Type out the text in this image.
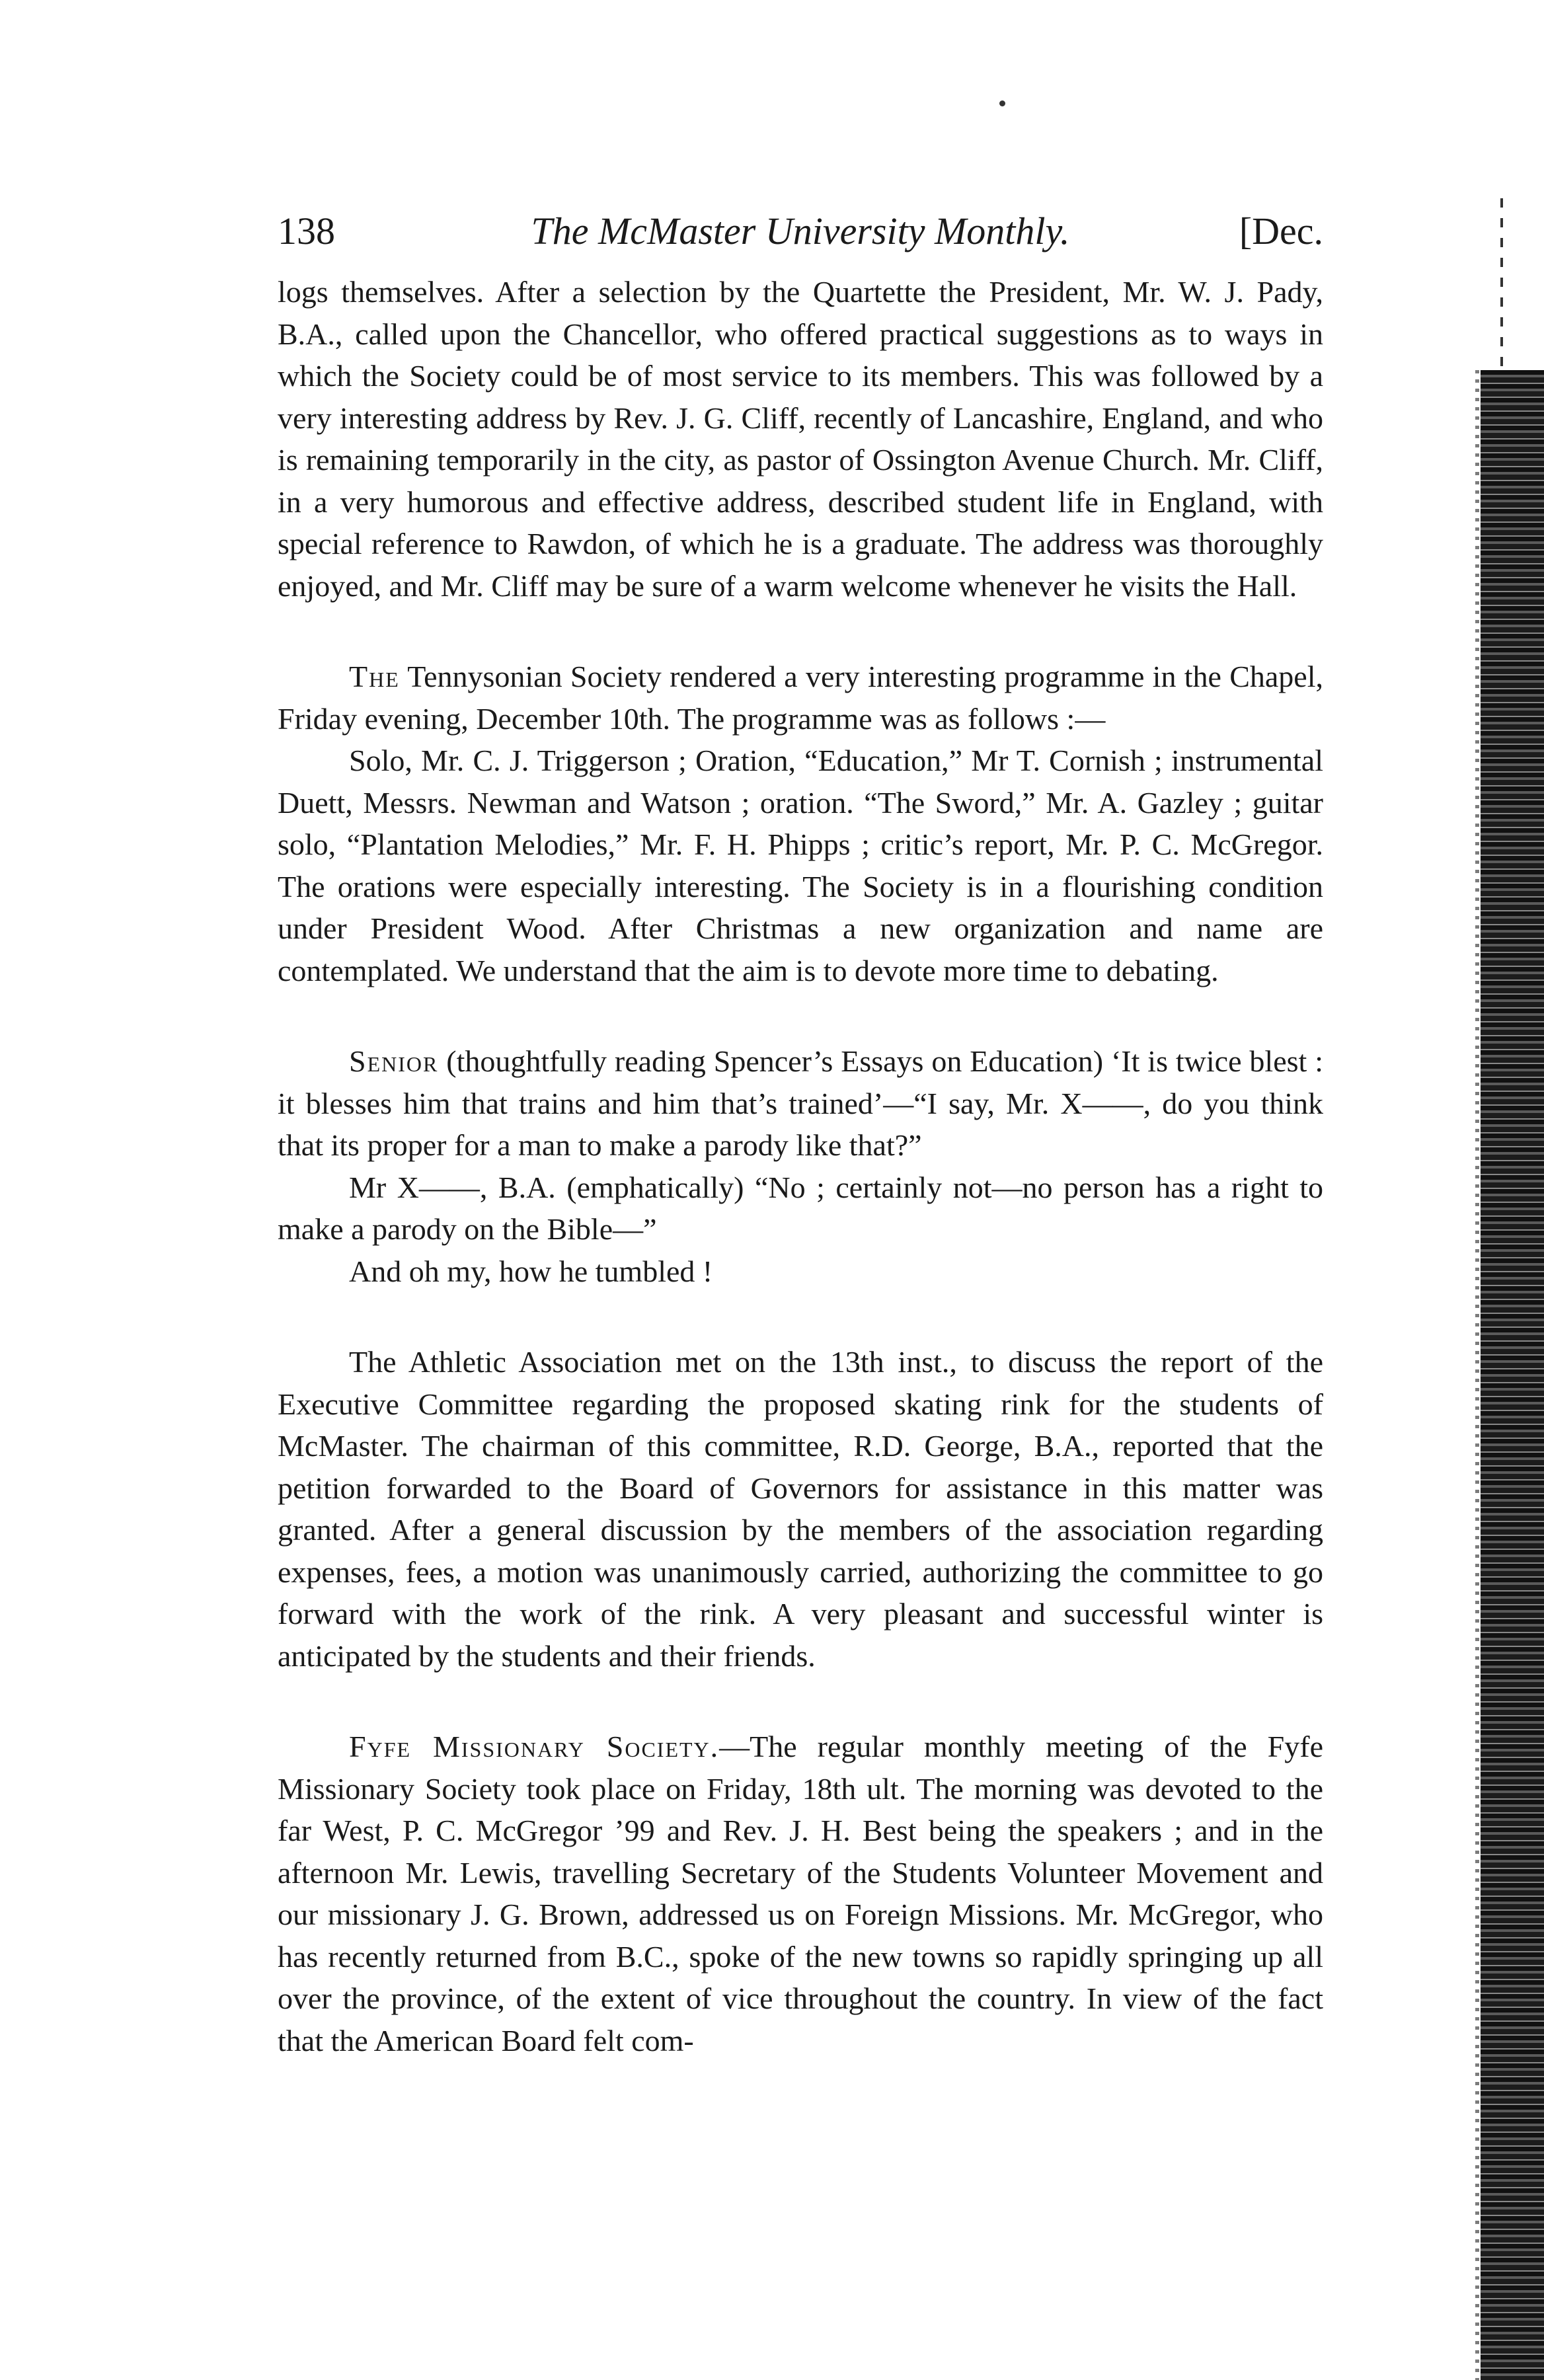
138	The McMaster University Monthly.	[Dec.

logs themselves. After a selection by the Quartette the President, Mr. W. J. Pady, B.A., called upon the Chancellor, who offered practical suggestions as to ways in which the Society could be of most service to its members. This was followed by a very interesting address by Rev. J. G. Cliff, recently of Lancashire, England, and who is remaining temporarily in the city, as pastor of Ossington Avenue Church. Mr. Cliff, in a very humorous and effective address, described student life in England, with special reference to Rawdon, of which he is a graduate. The address was thoroughly enjoyed, and Mr. Cliff may be sure of a warm welcome whenever he visits the Hall.

The Tennysonian Society rendered a very interesting programme in the Chapel, Friday evening, December 10th. The programme was as follows :—

Solo, Mr. C. J. Triggerson ; Oration, “Education,” Mr T. Cornish ; instrumental Duett, Messrs. Newman and Watson ; oration. “The Sword,” Mr. A. Gazley ; guitar solo, “Plantation Melodies,” Mr. F. H. Phipps ; critic’s report, Mr. P. C. McGregor. The orations were especially interesting. The Society is in a flourishing condition under President Wood. After Christmas a new organization and name are contemplated. We understand that the aim is to devote more time to debating.

Senior (thoughtfully reading Spencer’s Essays on Education) ‘It is twice blest : it blesses him that trains and him that’s trained’—“I say, Mr. X——, do you think that its proper for a man to make a parody like that?”

Mr X——, B.A. (emphatically) “No ; certainly not—no person has a right to make a parody on the Bible—”

And oh my, how he tumbled !

The Athletic Association met on the 13th inst., to discuss the report of the Executive Committee regarding the proposed skating rink for the students of McMaster. The chairman of this committee, R.D. George, B.A., reported that the petition forwarded to the Board of Governors for assistance in this matter was granted. After a general discussion by the members of the association regarding expenses, fees, a motion was unanimously carried, authorizing the committee to go forward with the work of the rink. A very pleasant and successful winter is anticipated by the students and their friends.

Fyfe Missionary Society.—The regular monthly meeting of the Fyfe Missionary Society took place on Friday, 18th ult. The morning was devoted to the far West, P. C. McGregor ’99 and Rev. J. H. Best being the speakers ; and in the afternoon Mr. Lewis, travelling Secretary of the Students Volunteer Movement and our missionary J. G. Brown, addressed us on Foreign Missions. Mr. McGregor, who has recently returned from B.C., spoke of the new towns so rapidly springing up all over the province, of the extent of vice throughout the country. In view of the fact that the American Board felt com-
